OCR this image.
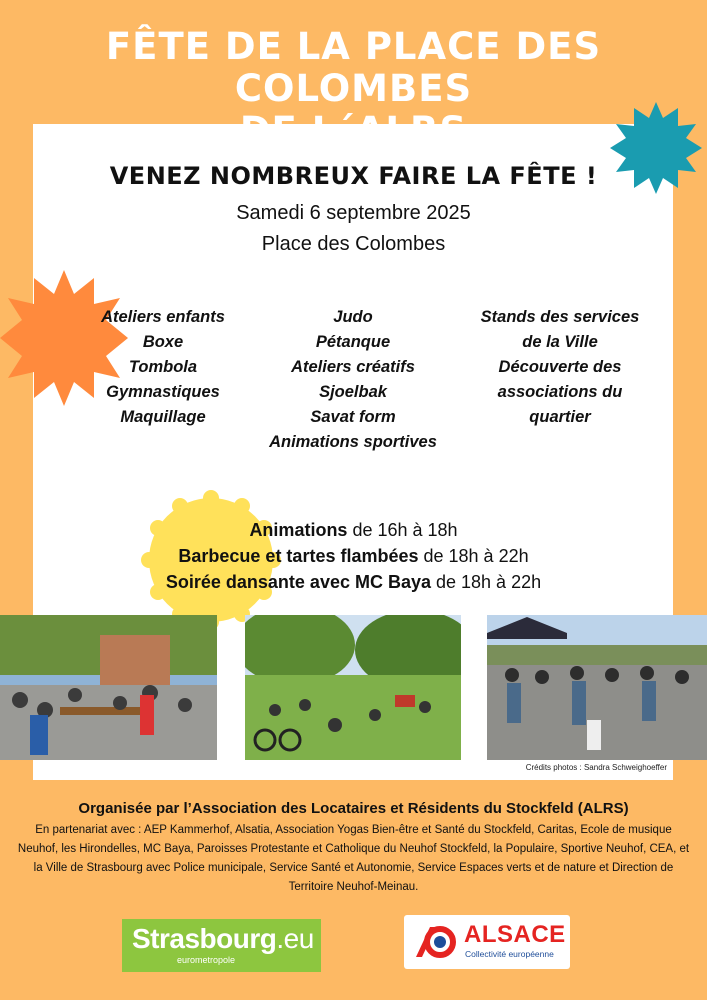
FÊTE DE LA PLACE DES COLOMBES
VENEZ NOMBREUX FAIRE LA FÊTE !
Samedi 6 septembre 2025
Place des Colombes
Ateliers enfants
Boxe
Tombola
Gymnastiques
Maquillage
Judo
Pétanque
Ateliers créatifs
Sjoelbak
Savat form
Animations sportives
Stands des services
de la Ville
Découverte des
associations du
quartier
Animations de 16h à 18h
Barbecue et tartes flambées de 18h à 22h
Soirée dansante avec MC Baya de 18h à 22h
Crédits photos : Sandra Schweighoeffer
Organisée par l’Association des Locataires et Résidents du Stockfeld (ALRS)
En partenariat avec : AEP Kammerhof, Alsatia, Association Yogas Bien-être et Santé du Stockfeld, Caritas, Ecole de musique Neuhof, les Hirondelles, MC Baya, Paroisses Protestante et Catholique du Neuhof Stockfeld, la Populaire, Sportive Neuhof, CEA, et la Ville de Strasbourg avec Police municipale, Service Santé et Autonomie, Service Espaces verts et de nature et Direction de Territoire Neuhof-Meinau.
Strasbourg.eu
eurometropole
ALSACE
Collectivité européenne
